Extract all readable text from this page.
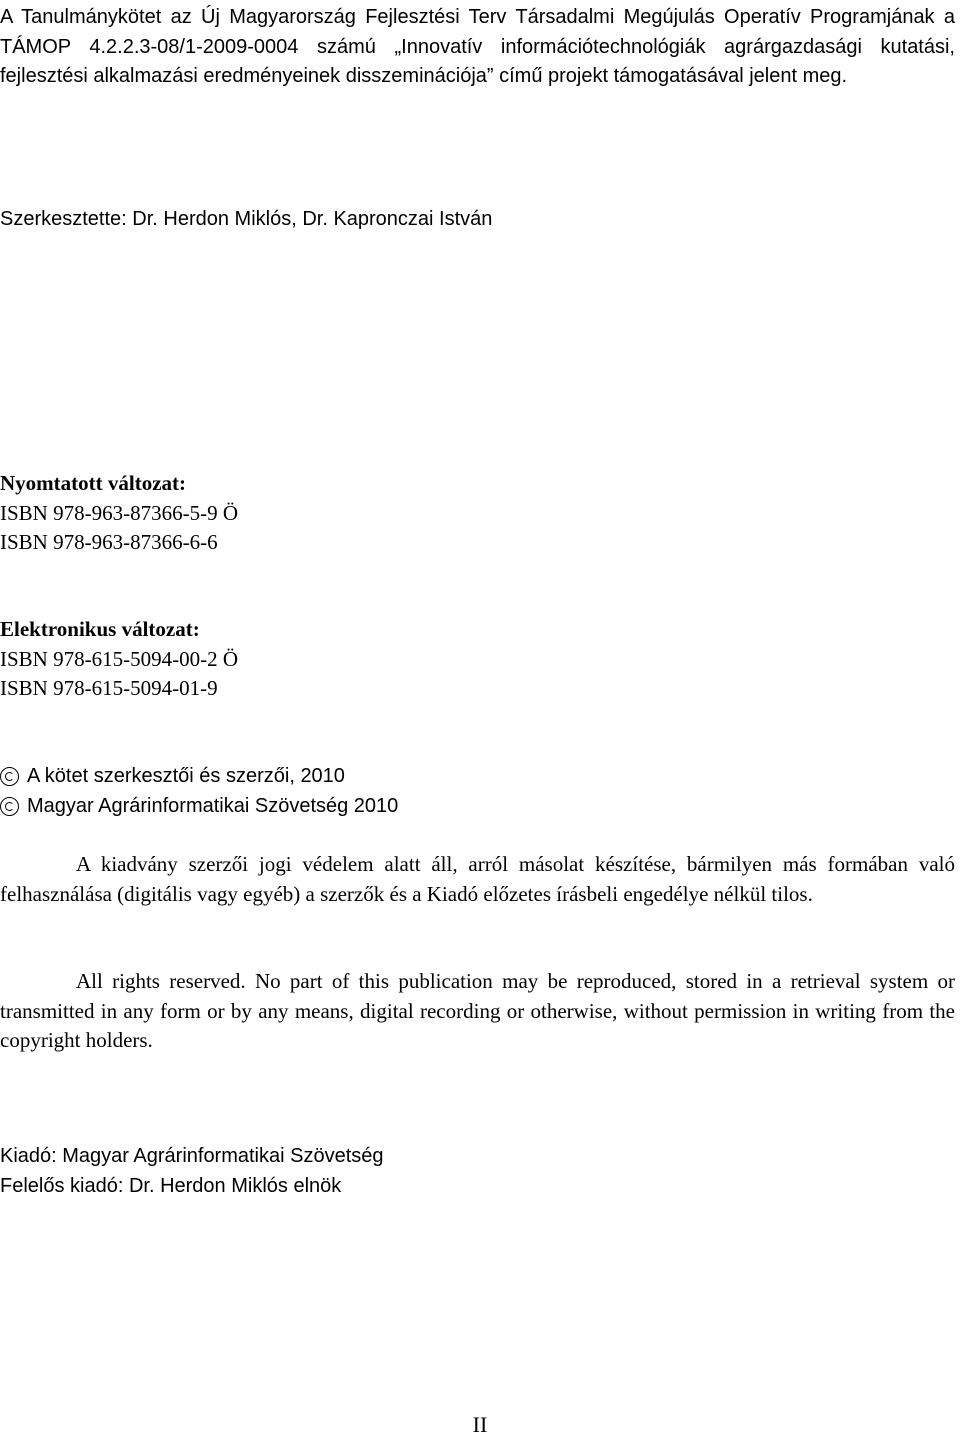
A Tanulmánykötet az Új Magyarország Fejlesztési Terv Társadalmi Megújulás Operatív Programjának a TÁMOP 4.2.2.3-08/1-2009-0004 számú „Innovatív információtechnológiák agrárgazdasági kutatási, fejlesztési alkalmazási eredményeinek disszeminációja” című projekt támogatásával jelent meg.
Szerkesztette: Dr. Herdon Miklós, Dr. Kapronczai István
Nyomtatott változat:
ISBN 978-963-87366-5-9 Ö
ISBN 978-963-87366-6-6
Elektronikus változat:
ISBN 978-615-5094-00-2 Ö
ISBN 978-615-5094-01-9
A kötet szerkesztői és szerzői, 2010
Magyar Agrárinformatikai Szövetség 2010
A kiadvány szerzői jogi védelem alatt áll, arról másolat készítése, bármilyen más formában való felhasználása (digitális vagy egyéb) a szerzők és a Kiadó előzetes írásbeli engedélye nélkül tilos.
All rights reserved. No part of this publication may be reproduced, stored in a retrieval system or transmitted in any form or by any means, digital recording or otherwise, without permission in writing from the copyright holders.
Kiadó: Magyar Agrárinformatikai Szövetség
Felelős kiadó: Dr. Herdon Miklós elnök
II
